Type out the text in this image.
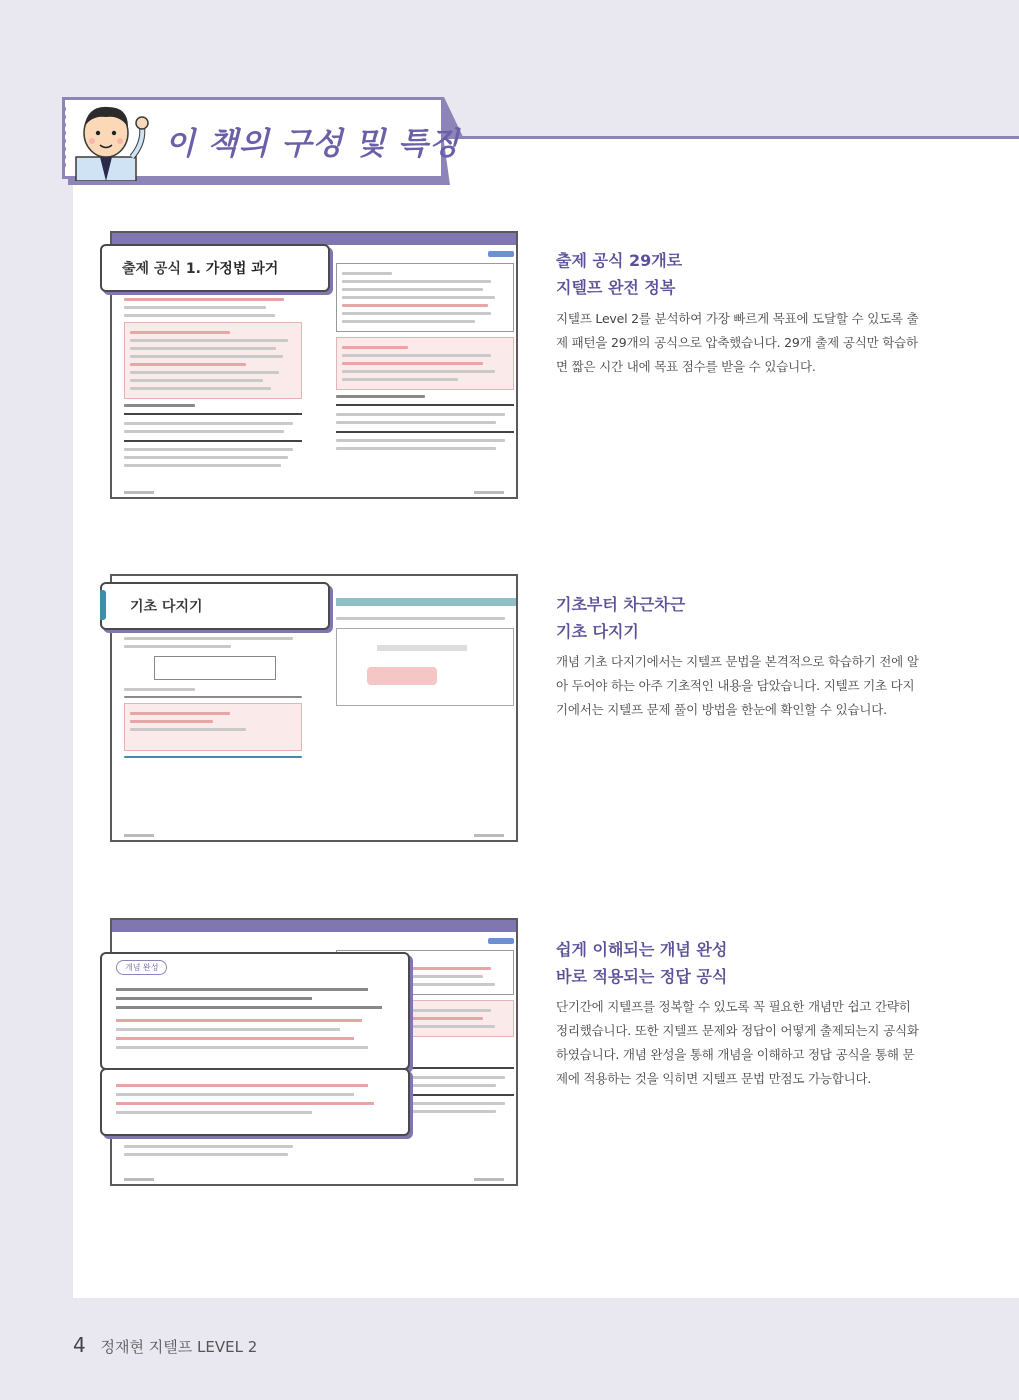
이 책의 구성 및 특징
출제 공식 1. 가정법 과거	출제 공식 29개로
지텔프 완전 정복
지텔프 Level 2를 분석하여 가장 빠르게 목표에 도달할 수 있도록 출제 패턴을 29개의 공식으로 압축했습니다. 29개 출제 공식만 학습하면 짧은 시간 내에 목표 점수를 받을 수 있습니다.
기초 다지기	기초부터 차근차근
기초 다지기
개념 기초 다지기에서는 지텔프 문법을 본격적으로 학습하기 전에 알아 두어야 하는 아주 기초적인 내용을 담았습니다. 지텔프 기초 다지기에서는 지텔프 문제 풀이 방법을 한눈에 확인할 수 있습니다.
개념 완성
쉽게 이해되는 개념 완성
바로 적용되는 정답 공식
단기간에 지텔프를 정복할 수 있도록 꼭 필요한 개념만 쉽고 간략히 정리했습니다. 또한 지텔프 문제와 정답이 어떻게 출제되는지 공식화하였습니다. 개념 완성을 통해 개념을 이해하고 정답 공식을 통해 문제에 적용하는 것을 익히면 지텔프 문법 만점도 가능합니다.
4 정재현 지텔프 LEVEL 2
